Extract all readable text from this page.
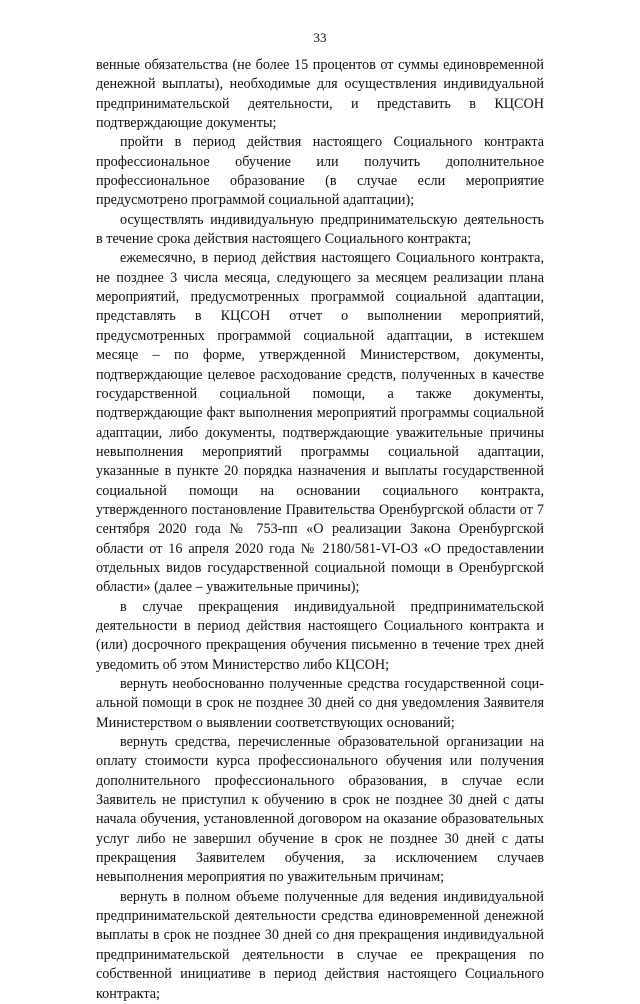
33

венные обязательства (не более 15 процентов от суммы единовременной денежной выплаты), необходимые для осуществления индивидуальной предпринимательской деятельности, и представить в КЦСОН подтверждающие документы;

пройти в период действия настоящего Социального контракта профессиональное обучение или получить дополнительное профессиональное образование (в случае если мероприятие предусмотрено программой социальной адаптации);

осуществлять индивидуальную предпринимательскую деятельность в течение срока действия настоящего Социального контракта;

ежемесячно, в период действия настоящего Социального контракта, не позднее 3 числа месяца, следующего за месяцем реализации плана мероприятий, предусмотренных программой социальной адаптации, представлять в КЦСОН отчет о выполнении мероприятий, предусмотренных программой социальной адаптации, в истекшем месяце – по форме, утвержденной Министерством, документы, подтверждающие целевое расходование средств, полученных в качестве государственной социальной помощи, а также документы, подтверждающие факт выполнения мероприятий программы социальной адаптации, либо документы, подтверждающие уважительные причины невыполнения мероприятий программы социальной адаптации, указанные в пункте 20 порядка назначения и выплаты государственной социальной помощи на основании социального контракта, утвержденного постановление Правительства Оренбургской области от 7 сентября 2020 года № 753-пп «О реализации Закона Оренбургской области от 16 апреля 2020 года № 2180/581-VI-ОЗ «О предоставлении отдельных видов государственной социальной помощи в Оренбургской области» (далее – уважительные причины);

в случае прекращения индивидуальной предпринимательской деятельности в период действия настоящего Социального контракта и (или) досрочного прекращения обучения письменно в течение трех дней уведомить об этом Министерство либо КЦСОН;

вернуть необоснованно полученные средства государственной социальной помощи в срок не позднее 30 дней со дня уведомления Заявителя Министерством о выявлении соответствующих оснований;

вернуть средства, перечисленные образовательной организации на оплату стоимости курса профессионального обучения или получения дополнительного профессионального образования, в случае если Заявитель не приступил к обучению в срок не позднее 30 дней с даты начала обучения, установленной договором на оказание образовательных услуг либо не завершил обучение в срок не позднее 30 дней с даты прекращения Заявителем обучения, за исключением случаев невыполнения мероприятия по уважительным причинам;

вернуть в полном объеме полученные для ведения индивидуальной предпринимательской деятельности средства единовременной денежной выплаты в срок не позднее 30 дней со дня прекращения индивидуальной предпринимательской деятельности в случае ее прекращения по собственной инициативе в период действия настоящего Социального контракта;
